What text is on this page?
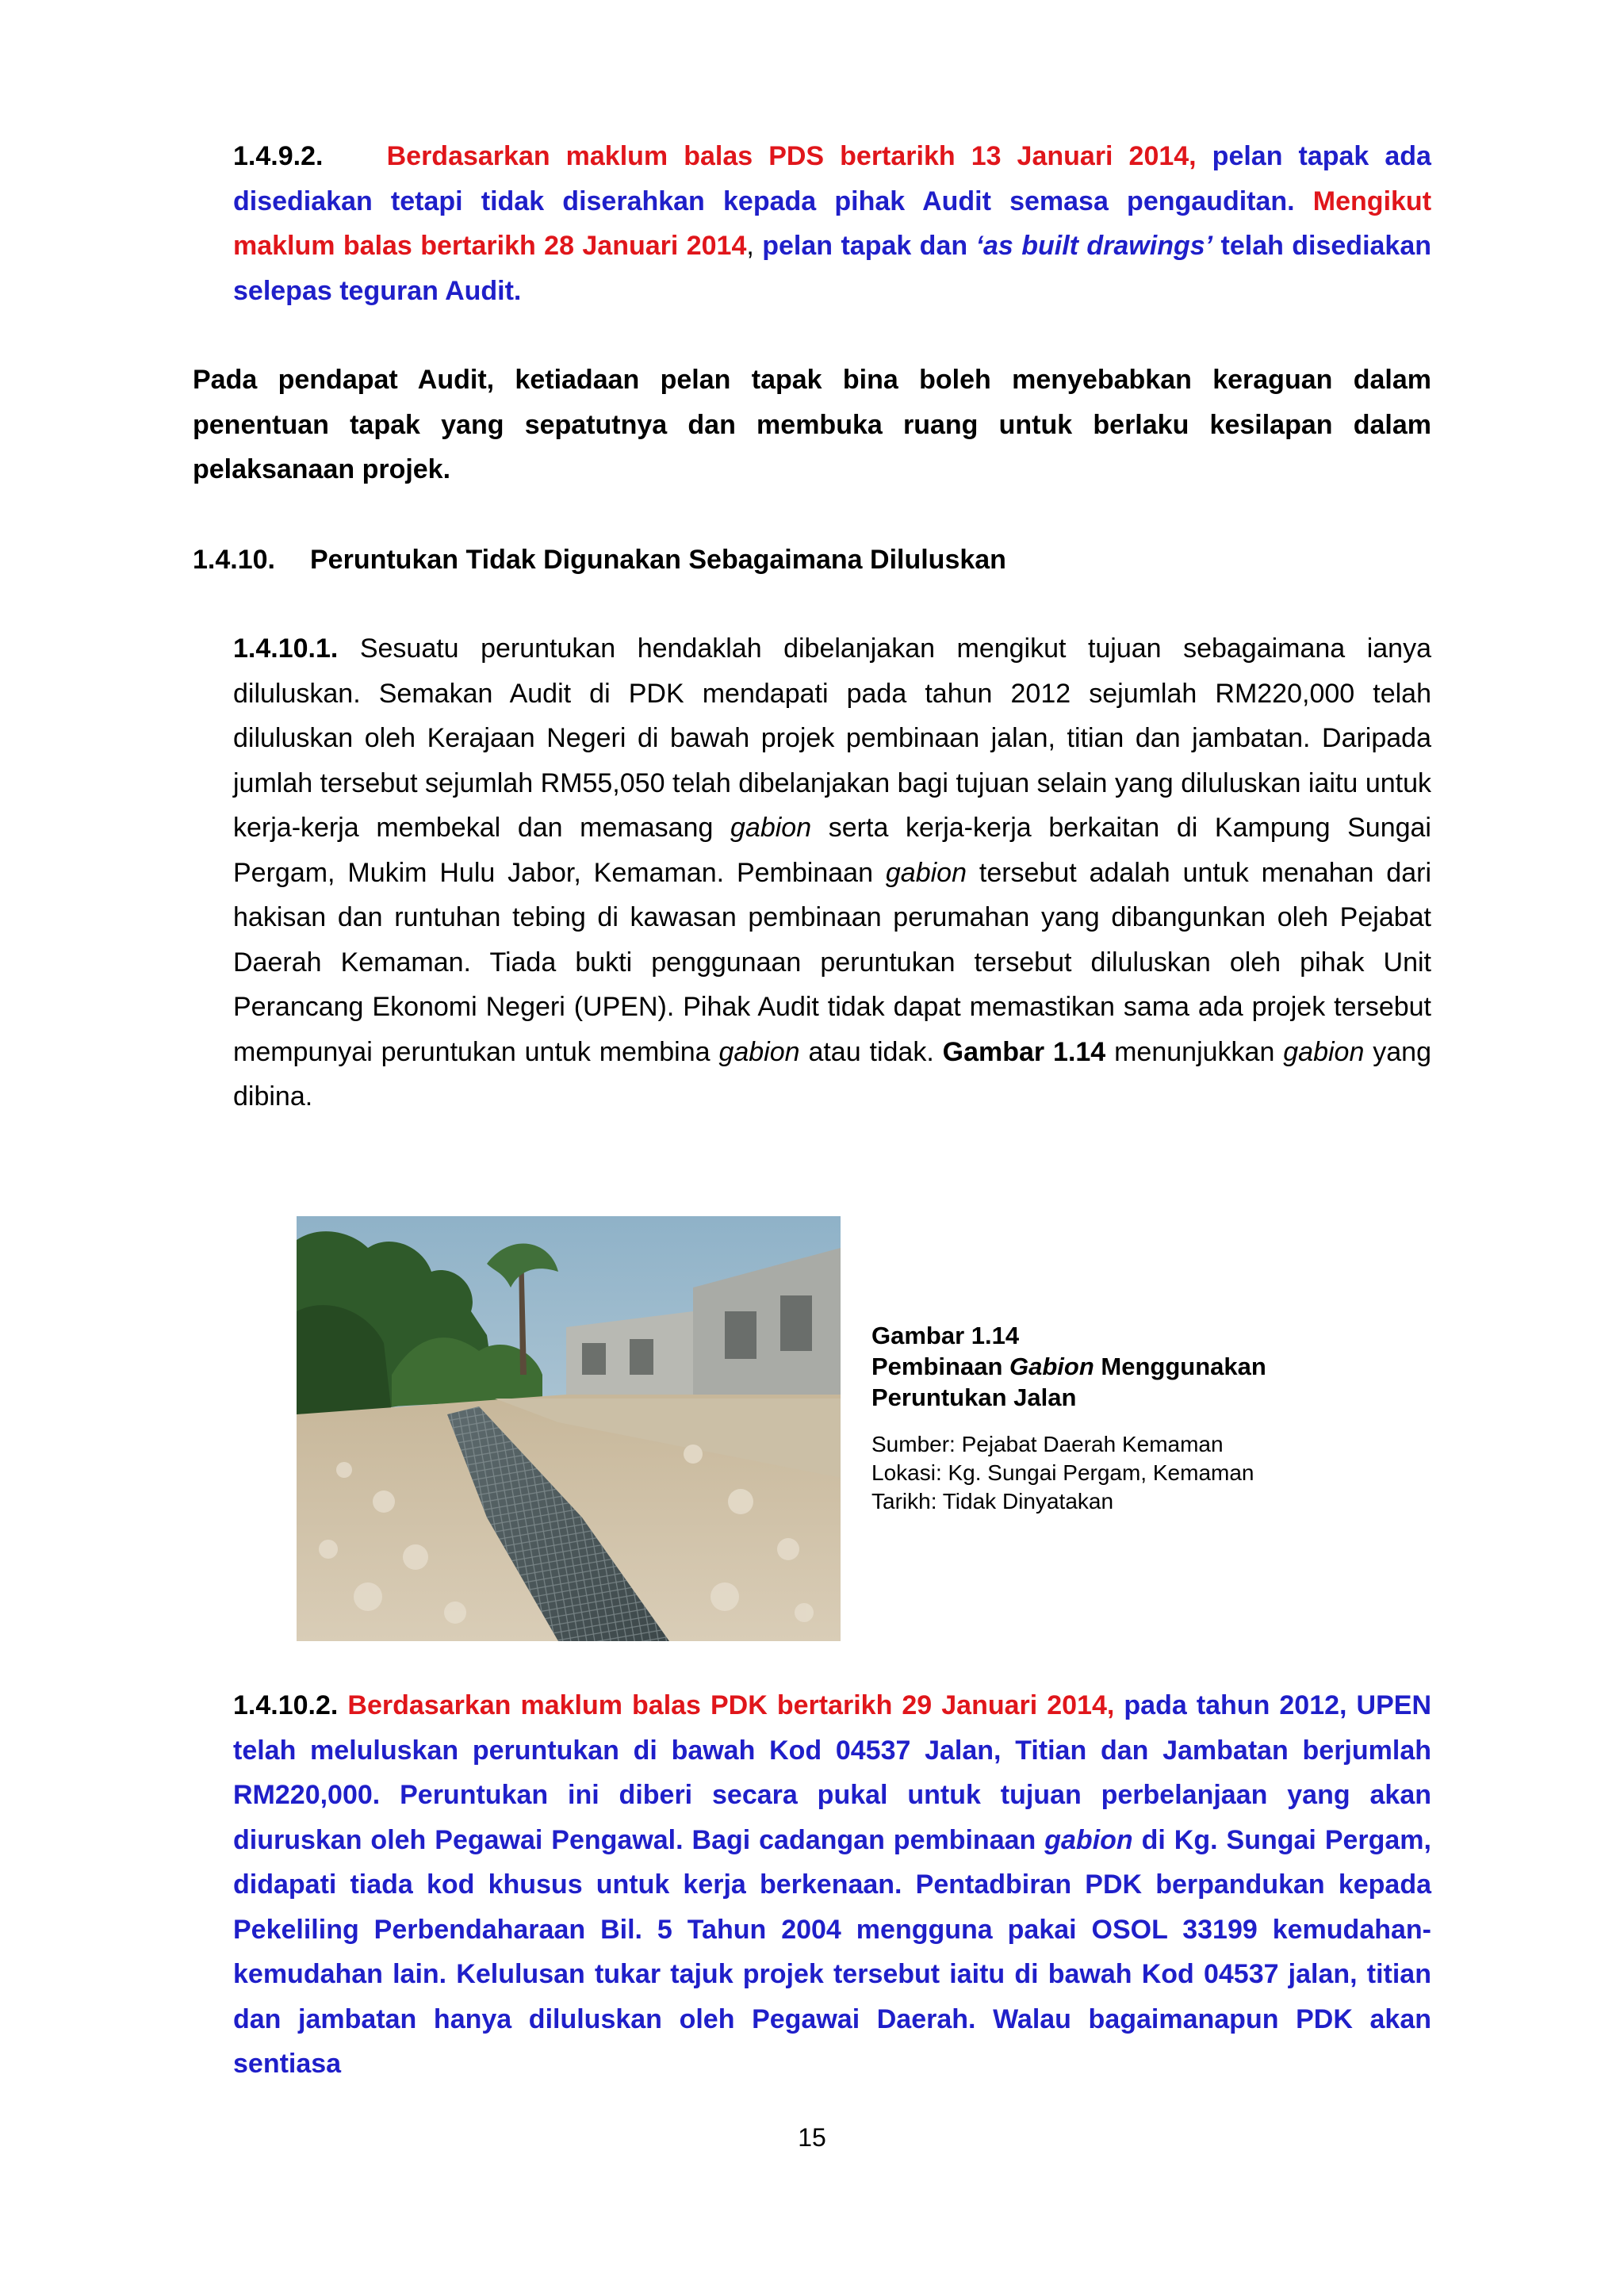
1.4.9.2. Berdasarkan maklum balas PDS bertarikh 13 Januari 2014, pelan tapak ada disediakan tetapi tidak diserahkan kepada pihak Audit semasa pengauditan. Mengikut maklum balas bertarikh 28 Januari 2014, pelan tapak dan ‘as built drawings’ telah disediakan selepas teguran Audit.
Pada pendapat Audit, ketiadaan pelan tapak bina boleh menyebabkan keraguan dalam penentuan tapak yang sepatutnya dan membuka ruang untuk berlaku kesilapan dalam pelaksanaan projek.
1.4.10. Peruntukan Tidak Digunakan Sebagaimana Diluluskan
1.4.10.1. Sesuatu peruntukan hendaklah dibelanjakan mengikut tujuan sebagaimana ianya diluluskan. Semakan Audit di PDK mendapati pada tahun 2012 sejumlah RM220,000 telah diluluskan oleh Kerajaan Negeri di bawah projek pembinaan jalan, titian dan jambatan. Daripada jumlah tersebut sejumlah RM55,050 telah dibelanjakan bagi tujuan selain yang diluluskan iaitu untuk kerja-kerja membekal dan memasang gabion serta kerja-kerja berkaitan di Kampung Sungai Pergam, Mukim Hulu Jabor, Kemaman. Pembinaan gabion tersebut adalah untuk menahan dari hakisan dan runtuhan tebing di kawasan pembinaan perumahan yang dibangunkan oleh Pejabat Daerah Kemaman. Tiada bukti penggunaan peruntukan tersebut diluluskan oleh pihak Unit Perancang Ekonomi Negeri (UPEN). Pihak Audit tidak dapat memastikan sama ada projek tersebut mempunyai peruntukan untuk membina gabion atau tidak. Gambar 1.14 menunjukkan gabion yang dibina.
Gambar 1.14
Pembinaan Gabion Menggunakan
Peruntukan Jalan
Sumber: Pejabat Daerah Kemaman
Lokasi: Kg. Sungai Pergam, Kemaman
Tarikh: Tidak Dinyatakan
1.4.10.2. Berdasarkan maklum balas PDK bertarikh 29 Januari 2014, pada tahun 2012, UPEN telah meluluskan peruntukan di bawah Kod 04537 Jalan, Titian dan Jambatan berjumlah RM220,000. Peruntukan ini diberi secara pukal untuk tujuan perbelanjaan yang akan diuruskan oleh Pegawai Pengawal. Bagi cadangan pembinaan gabion di Kg. Sungai Pergam, didapati tiada kod khusus untuk kerja berkenaan. Pentadbiran PDK berpandukan kepada Pekeliling Perbendaharaan Bil. 5 Tahun 2004 mengguna pakai OSOL 33199 kemudahan-kemudahan lain. Kelulusan tukar tajuk projek tersebut iaitu di bawah Kod 04537 jalan, titian dan jambatan hanya diluluskan oleh Pegawai Daerah. Walau bagaimanapun PDK akan sentiasa
15
